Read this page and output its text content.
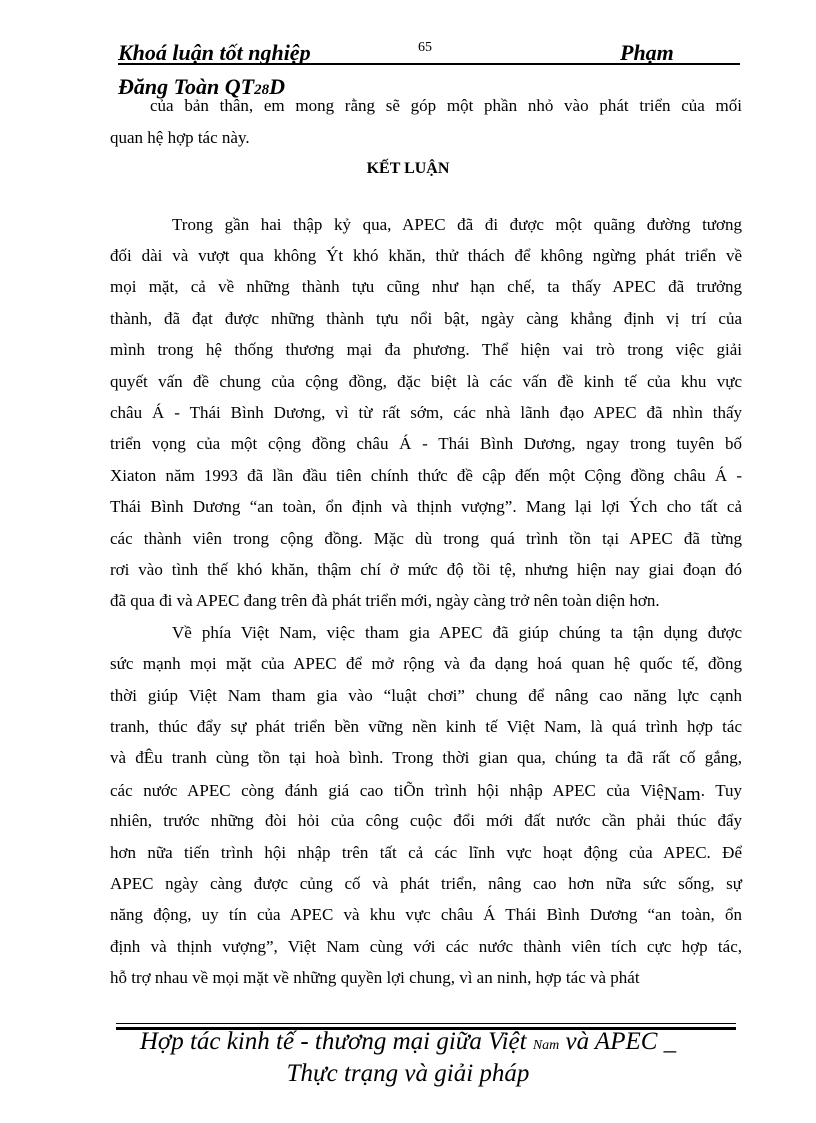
Khoá luận tốt nghiệp	65	Phạm
Đăng Toàn QT28D
của bản thân, em mong rằng sẽ góp một phần nhỏ vào phát triển của mối
quan hệ hợp tác này.
KẾT LUẬN
Trong gần hai thập kỷ qua, APEC đã đi được một quãng đường tương
đối dài và vượt qua không Ýt khó khăn, thử thách để không ngừng phát triển về
mọi mặt, cả về những thành tựu cũng như hạn chế, ta thấy APEC đã trưởng
thành, đã đạt được những thành tựu nổi bật, ngày càng khẳng định vị trí của
mình trong hệ thống thương mại đa phương. Thể hiện vai trò trong việc giải
quyết vấn đề chung của cộng đồng, đặc biệt là các vấn đề kinh tế của khu vực
châu Á - Thái Bình Dương, vì từ rất sớm, các nhà lãnh đạo APEC đã nhìn thấy
triển vọng của một cộng đồng châu Á - Thái Bình Dương, ngay trong tuyên bố
Xiaton năm 1993 đã lần đầu tiên chính thức đề cập đến một Cộng đồng châu Á -
Thái Bình Dương “an toàn, ổn định và thịnh vượng”. Mang lại lợi Ých cho tất cả
các thành viên trong cộng đồng. Mặc dù trong quá trình tồn tại APEC đã từng
rơi vào tình thế khó khăn, thậm chí ở mức độ tồi tệ, nhưng hiện nay giai đoạn đó
đã qua đi và APEC đang trên đà phát triển mới, ngày càng trở nên toàn diện hơn.
Về phía Việt Nam, việc tham gia APEC đã giúp chúng ta tận dụng được
sức mạnh mọi mặt của APEC để mở rộng và đa dạng hoá quan hệ quốc tế, đồng
thời giúp Việt Nam tham gia vào “luật chơi” chung để nâng cao năng lực cạnh
tranh, thúc đẩy sự phát triển bền vững nền kinh tế Việt Nam, là quá trình hợp tác
và đÊu tranh cùng tồn tại hoà bình. Trong thời gian qua, chúng ta đã rất cố gắng,
các nước APEC còng đánh giá cao tiÕn trình hội nhập APEC của ViệNam. Tuy
nhiên, trước những đòi hỏi của công cuộc đổi mới đất nước cần phải thúc đẩy
hơn nữa tiến trình hội nhập trên tất cả các lĩnh vực hoạt động của APEC. Để
APEC ngày càng được củng cố và phát triển, nâng cao hơn nữa sức sống, sự
năng động, uy tín của APEC và khu vực châu Á Thái Bình Dương “an toàn, ổn
định và thịnh vượng”, Việt Nam cùng với các nước thành viên tích cực hợp tác,
hỗ trợ nhau về mọi mặt về những quyền lợi chung, vì an ninh, hợp tác và phát
Hợp tác kinh tế - thương mại giữa Việt Nam và APEC _
Thực trạng và giải pháp
